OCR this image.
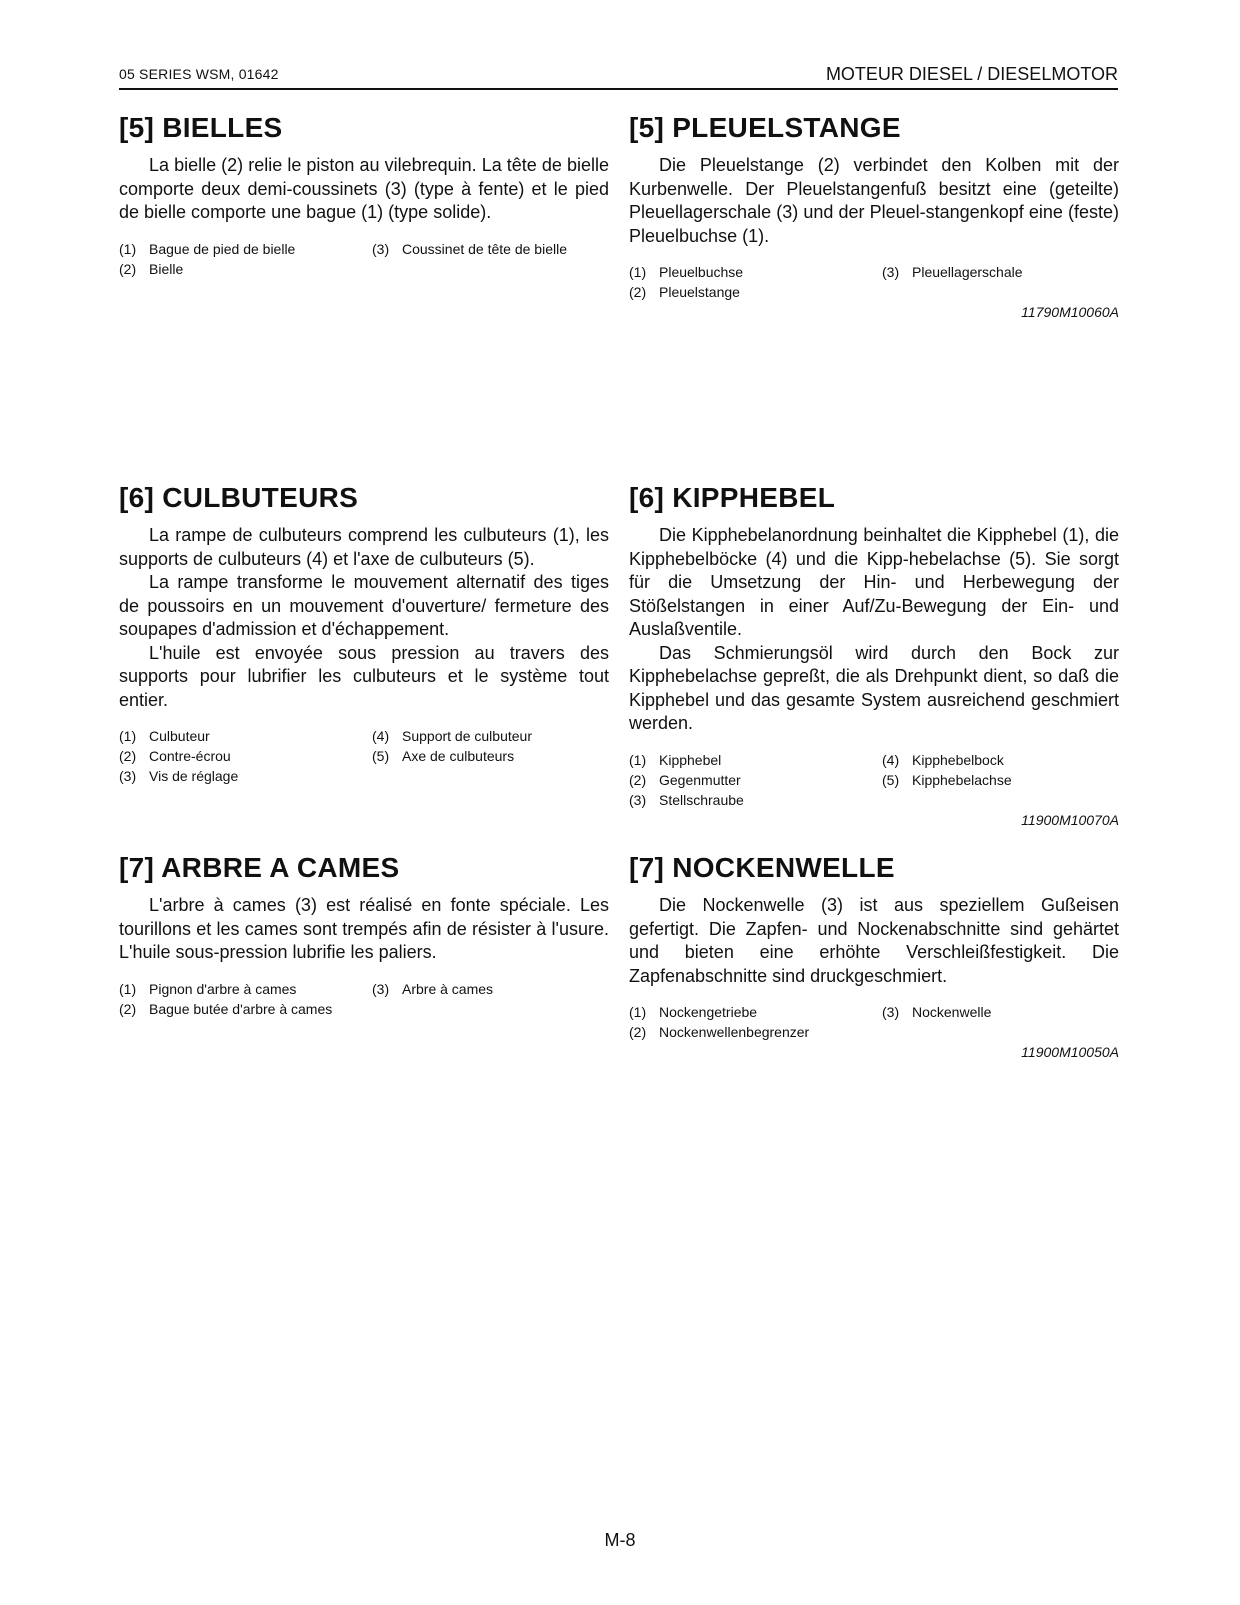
05 SERIES WSM, 01642	MOTEUR DIESEL / DIESELMOTOR
[5] BIELLES

La bielle (2) relie le piston au vilebrequin. La tête de bielle comporte deux demi-coussinets (3) (type à fente) et le pied de bielle comporte une bague (1) (type solide).

(1) Bague de pied de bielle	(3) Coussinet de tête de bielle
(2) Bielle
[5] PLEUELSTANGE

Die Pleuelstange (2) verbindet den Kolben mit der Kurbenwelle. Der Pleuelstangenfuß besitzt eine (geteilte) Pleuellagerschale (3) und der Pleuel-stangenkopf eine (feste) Pleuelbuchse (1).

(1) Pleuelbuchse	(3) Pleuellagerschale
(2) Pleuelstange
11790M10060A
[6] CULBUTEURS

La rampe de culbuteurs comprend les culbuteurs (1), les supports de culbuteurs (4) et l'axe de culbuteurs (5).

La rampe transforme le mouvement alternatif des tiges de poussoirs en un mouvement d'ouverture/ fermeture des soupapes d'admission et d'échappement.

L'huile est envoyée sous pression au travers des supports pour lubrifier les culbuteurs et le système tout entier.

(1) Culbuteur	(4) Support de culbuteur
(2) Contre-écrou	(5) Axe de culbuteurs
(3) Vis de réglage
[6] KIPPHEBEL

Die Kipphebelanordnung beinhaltet die Kipphebel (1), die Kipphebelböcke (4) und die Kipp-hebelachse (5). Sie sorgt für die Umsetzung der Hin- und Herbewegung der Stößelstangen in einer Auf/Zu-Bewegung der Ein- und Auslaßventile.

Das Schmierungsöl wird durch den Bock zur Kipphebelachse gepreßt, die als Drehpunkt dient, so daß die Kipphebel und das gesamte System ausreichend geschmiert werden.

(1) Kipphebel	(4) Kipphebelbock
(2) Gegenmutter	(5) Kipphebelachse
(3) Stellschraube
11900M10070A
[7] ARBRE A CAMES

L'arbre à cames (3) est réalisé en fonte spéciale. Les tourillons et les cames sont trempés afin de résister à l'usure. L'huile sous-pression lubrifie les paliers.

(1) Pignon d'arbre à cames	(3) Arbre à cames
(2) Bague butée d'arbre à cames
[7] NOCKENWELLE

Die Nockenwelle (3) ist aus speziellem Gußeisen gefertigt. Die Zapfen- und Nockenabschnitte sind gehärtet und bieten eine erhöhte Verschleißfestigkeit. Die Zapfenabschnitte sind druckgeschmiert.

(1) Nockengetriebe	(3) Nockenwelle
(2) Nockenwellenbegrenzer
11900M10050A
M-8
